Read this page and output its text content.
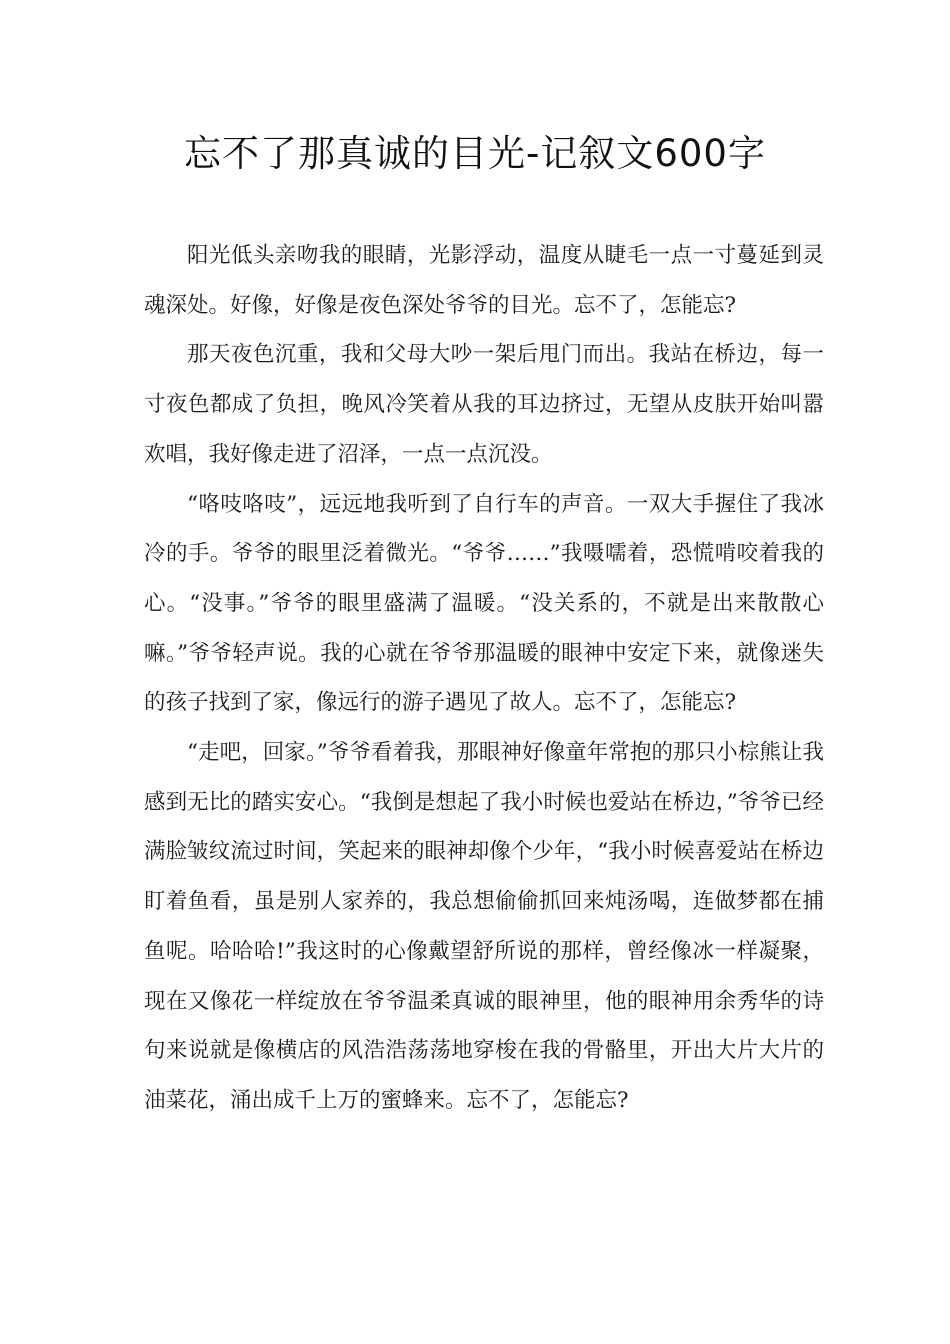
忘不了那真诚的目光-记叙文600字

阳光低头亲吻我的眼睛，光影浮动，温度从睫毛一点一寸蔓延到灵魂深处。好像，好像是夜色深处爷爷的目光。忘不了，怎能忘?

那天夜色沉重，我和父母大吵一架后甩门而出。我站在桥边，每一寸夜色都成了负担，晚风冷笑着从我的耳边挤过，无望从皮肤开始叫嚣欢唱，我好像走进了沼泽，一点一点沉没。

“咯吱咯吱”，远远地我听到了自行车的声音。一双大手握住了我冰冷的手。爷爷的眼里泛着微光。“爷爷……”我嗫嚅着，恐慌啃咬着我的心。“没事。”爷爷的眼里盛满了温暖。“没关系的，不就是出来散散心嘛。”爷爷轻声说。我的心就在爷爷那温暖的眼神中安定下来，就像迷失的孩子找到了家，像远行的游子遇见了故人。忘不了，怎能忘?

“走吧，回家。”爷爷看着我，那眼神好像童年常抱的那只小棕熊让我感到无比的踏实安心。“我倒是想起了我小时候也爱站在桥边，”爷爷已经满脸皱纹流过时间，笑起来的眼神却像个少年，“我小时候喜爱站在桥边盯着鱼看，虽是别人家养的，我总想偷偷抓回来炖汤喝，连做梦都在捕鱼呢。哈哈哈!”我这时的心像戴望舒所说的那样，曾经像冰一样凝聚，现在又像花一样绽放在爷爷温柔真诚的眼神里，他的眼神用余秀华的诗句来说就是像横店的风浩浩荡荡地穿梭在我的骨骼里，开出大片大片的油菜花，涌出成千上万的蜜蜂来。忘不了，怎能忘?
